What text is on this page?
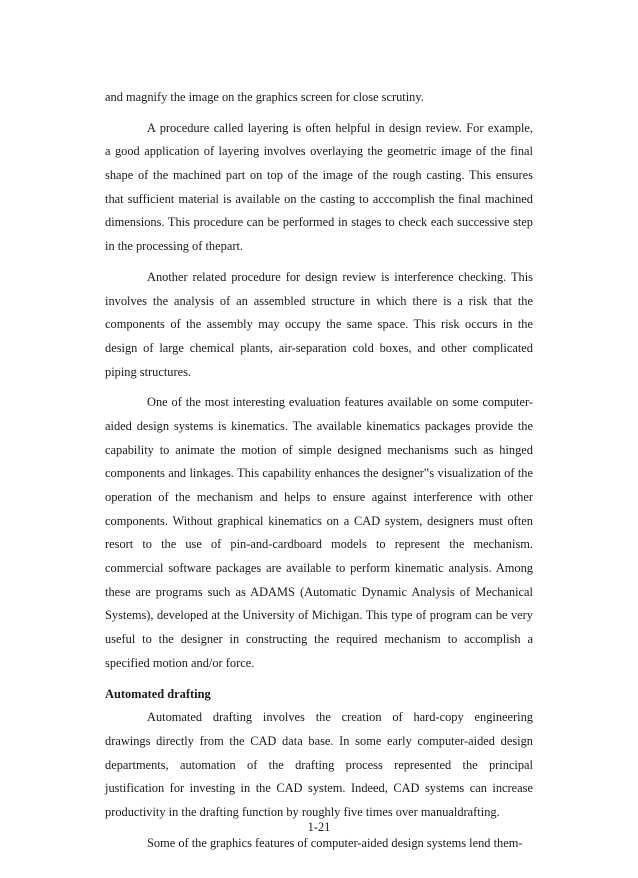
and magnify the image on the graphics screen for close scrutiny.
A procedure called layering is often helpful in design review. For example,
a good application of layering involves overlaying the geometric image of the final
shape of the machined part on top of the image of the rough casting. This ensures
that sufficient material is available on the casting to acccomplish the final machined
dimensions. This procedure can be performed in stages to check each successive step
in the processing of thepart.
Another related procedure for design review is interference checking. This
involves the analysis of an assembled structure in which there is a risk that the
components of the assembly may occupy the same space. This risk occurs in the
design of large chemical plants, air-separation cold boxes, and other complicated
piping structures.
One of the most interesting evaluation features available on some computer-
aided design systems is kinematics. The available kinematics packages provide the
capability to animate the motion of simple designed mechanisms such as hinged
components and linkages. This capability enhances the designer‟s visualization of the
operation of the mechanism and helps to ensure against interference with other
components. Without graphical kinematics on a CAD system, designers must often
resort to the use of pin-and-cardboard models to represent the mechanism.
commercial software packages are available to perform kinematic analysis. Among
these are programs such as ADAMS (Automatic Dynamic Analysis of Mechanical
Systems), developed at the University of Michigan. This type of program can be very
useful to the designer in constructing the required mechanism to accomplish a
specified motion and/or force.
Automated drafting
Automated drafting involves the creation of hard-copy engineering
drawings directly from the CAD data base. In some early computer-aided design
departments, automation of the drafting process represented the principal
justification for investing in the CAD system. Indeed, CAD systems can increase
productivity in the drafting function by roughly five times over manualdrafting.
Some of the graphics features of computer-aided design systems lend them-
1-21
